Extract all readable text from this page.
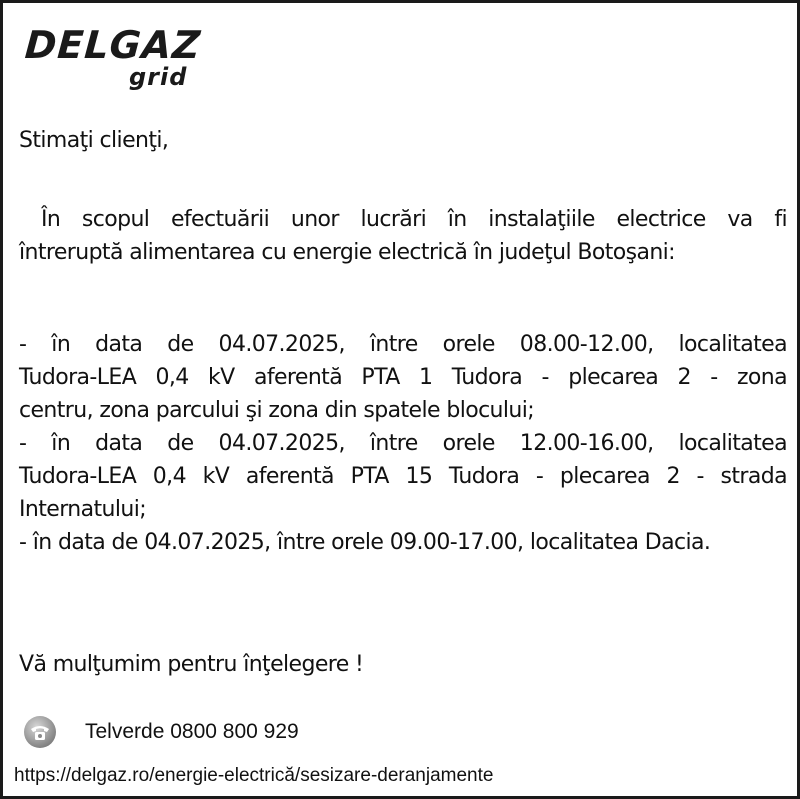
DELGAZ
grid
Stimaţi clienţi,
În scopul efectuării unor lucrări în instalaţiile electrice va fi
întreruptă alimentarea cu energie electrică în judeţul Botoşani:
- în data de 04.07.2025, între orele 08.00-12.00, localitatea
Tudora-LEA 0,4 kV aferentă PTA 1 Tudora - plecarea 2 - zona
centru, zona parcului şi zona din spatele blocului;
- în data de 04.07.2025, între orele 12.00-16.00, localitatea
Tudora-LEA 0,4 kV aferentă PTA 15 Tudora - plecarea 2 - strada
Internatului;
- în data de 04.07.2025, între orele 09.00-17.00, localitatea Dacia.
Vă mulţumim pentru înţelegere !
Telverde 0800 800 929
https://delgaz.ro/energie-electrică/sesizare-deranjamente
